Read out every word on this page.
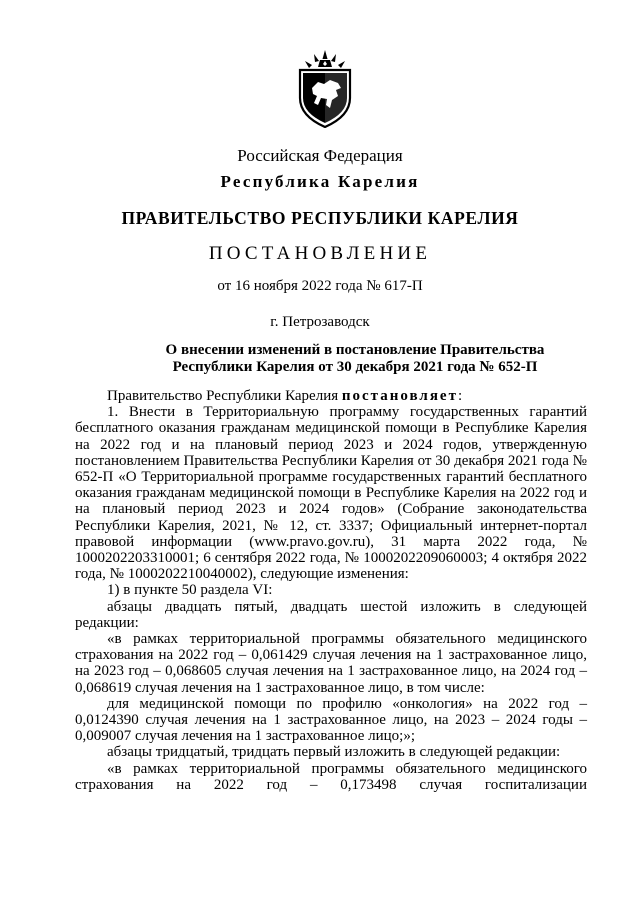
Российская Федерация
Республика Карелия
ПРАВИТЕЛЬСТВО РЕСПУБЛИКИ КАРЕЛИЯ
ПОСТАНОВЛЕНИЕ
от 16 ноября 2022 года № 617-П
г. Петрозаводск
О внесении изменений в постановление Правительства
Республики Карелия от 30 декабря 2021 года № 652-П

Правительство Республики Карелия постановляет:

1. Внести в Территориальную программу государственных гарантий бесплатного оказания гражданам медицинской помощи в Республике Карелия на 2022 год и на плановый период 2023 и 2024 годов, утвержденную постановлением Правительства Республики Карелия от 30 декабря 2021 года № 652-П «О Территориальной программе государственных гарантий бесплатного оказания гражданам медицинской помощи в Республике Карелия на 2022 год и на плановый период 2023 и 2024 годов» (Собрание законодательства Республики Карелия, 2021, № 12, ст. 3337; Официальный интернет-портал правовой информации (www.pravo.gov.ru), 31 марта 2022 года, № 1000202203310001; 6 сентября 2022 года, № 1000202209060003; 4 октября 2022 года, № 1000202210040002), следующие изменения:

1) в пункте 50 раздела VI:

абзацы двадцать пятый, двадцать шестой изложить в следующей редакции:

«в рамках территориальной программы обязательного медицинского страхования на 2022 год – 0,061429 случая лечения на 1 застрахованное лицо, на 2023 год – 0,068605 случая лечения на 1 застрахованное лицо, на 2024 год – 0,068619 случая лечения на 1 застрахованное лицо, в том числе:

для медицинской помощи по профилю «онкология» на 2022 год – 0,0124390 случая лечения на 1 застрахованное лицо, на 2023 – 2024 годы – 0,009007 случая лечения на 1 застрахованное лицо;»;

абзацы тридцатый, тридцать первый изложить в следующей редакции:

«в рамках территориальной программы обязательного медицинского страхования на 2022 год – 0,173498 случая госпитализации
